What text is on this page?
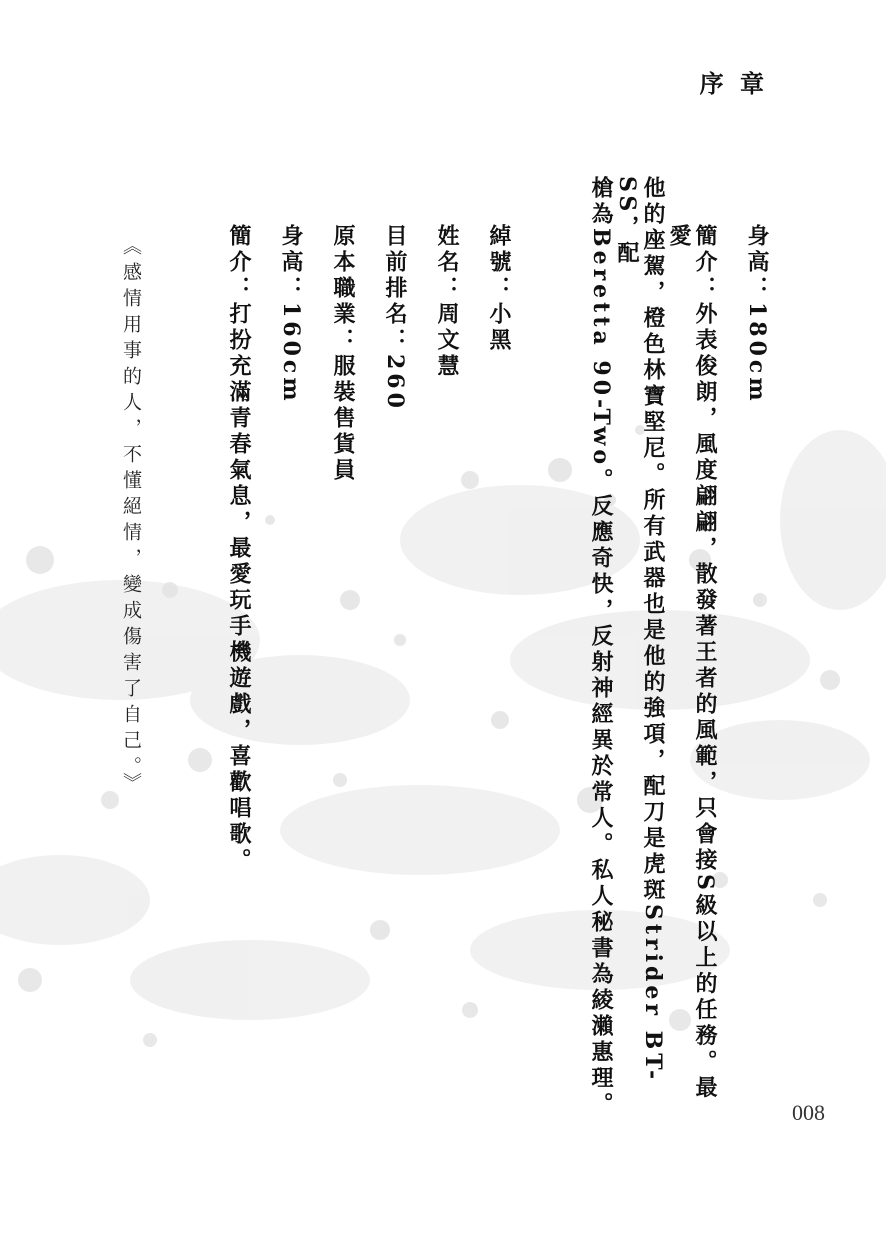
序 章
身高：180cm
簡介：外表俊朗，風度翩翩，散發著王者的風範，只會接S級以上的任務。最愛
他的座駕，橙色林寶堅尼。所有武器也是他的強項，配刀是虎斑Strider BT-SS，配
槍為Beretta 90-Two。反應奇快，反射神經異於常人。私人秘書為綾瀨惠理。
綽號：小黑
姓名：周文慧
目前排名：260
原本職業：服裝售貨員
身高：160cm
簡介：打扮充滿青春氣息，最愛玩手機遊戲，喜歡唱歌。
《感情用事的人，不懂絕情，變成傷害了自己。》
008
